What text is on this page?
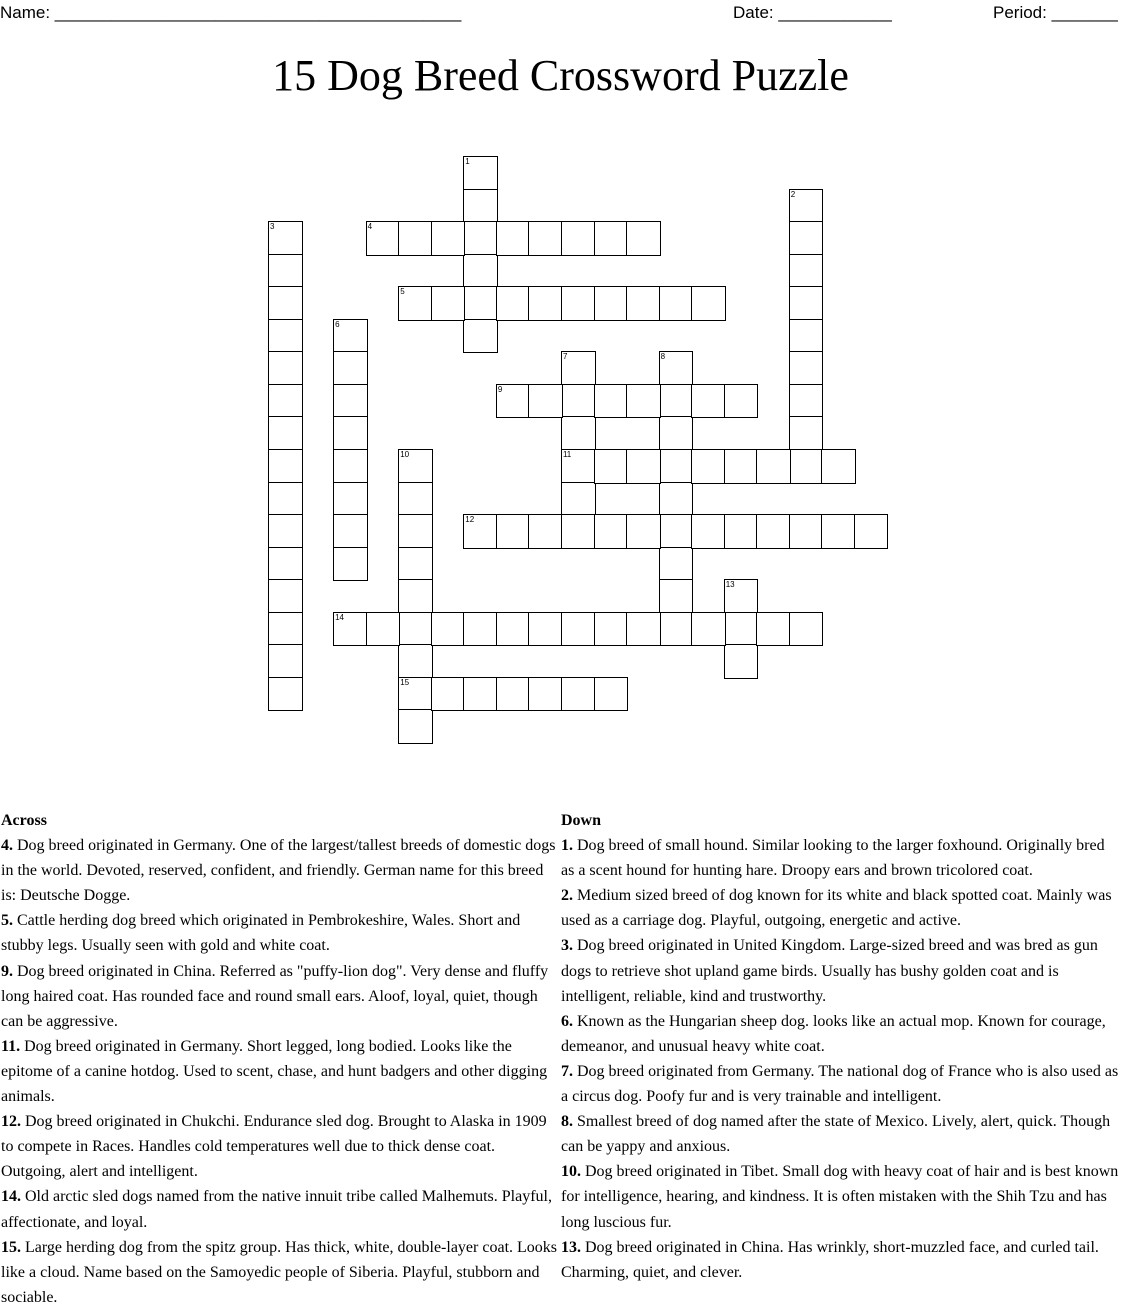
Name: ___________________________________________	Date: ____________	Period: _______
15 Dog Breed Crossword Puzzle
1
2
3	4
5
6
7	8
9
10	11
12
13
14
15
Across
4. Dog breed originated in Germany. One of the largest/tallest breeds of domestic dogs in the world. Devoted, reserved, confident, and friendly. German name for this breed is: Deutsche Dogge.
5. Cattle herding dog breed which originated in Pembrokeshire, Wales. Short and stubby legs. Usually seen with gold and white coat.
9. Dog breed originated in China. Referred as "puffy-lion dog". Very dense and fluffy long haired coat. Has rounded face and round small ears. Aloof, loyal, quiet, though can be aggressive.
11. Dog breed originated in Germany. Short legged, long bodied. Looks like the epitome of a canine hotdog. Used to scent, chase, and hunt badgers and other digging animals.
12. Dog breed originated in Chukchi. Endurance sled dog. Brought to Alaska in 1909 to compete in Races. Handles cold temperatures well due to thick dense coat. Outgoing, alert and intelligent.
14. Old arctic sled dogs named from the native innuit tribe called Malhemuts. Playful, affectionate, and loyal.
15. Large herding dog from the spitz group. Has thick, white, double-layer coat. Looks like a cloud. Name based on the Samoyedic people of Siberia. Playful, stubborn and sociable.
Down
1. Dog breed of small hound. Similar looking to the larger foxhound. Originally bred as a scent hound for hunting hare. Droopy ears and brown tricolored coat.
2. Medium sized breed of dog known for its white and black spotted coat. Mainly was used as a carriage dog. Playful, outgoing, energetic and active.
3. Dog breed originated in United Kingdom. Large-sized breed and was bred as gun dogs to retrieve shot upland game birds. Usually has bushy golden coat and is intelligent, reliable, kind and trustworthy.
6. Known as the Hungarian sheep dog. looks like an actual mop. Known for courage, demeanor, and unusual heavy white coat.
7. Dog breed originated from Germany. The national dog of France who is also used as a circus dog. Poofy fur and is very trainable and intelligent.
8. Smallest breed of dog named after the state of Mexico. Lively, alert, quick. Though can be yappy and anxious.
10. Dog breed originated in Tibet. Small dog with heavy coat of hair and is best known for intelligence, hearing, and kindness. It is often mistaken with the Shih Tzu and has long luscious fur.
13. Dog breed originated in China. Has wrinkly, short-muzzled face, and curled tail. Charming, quiet, and clever.
